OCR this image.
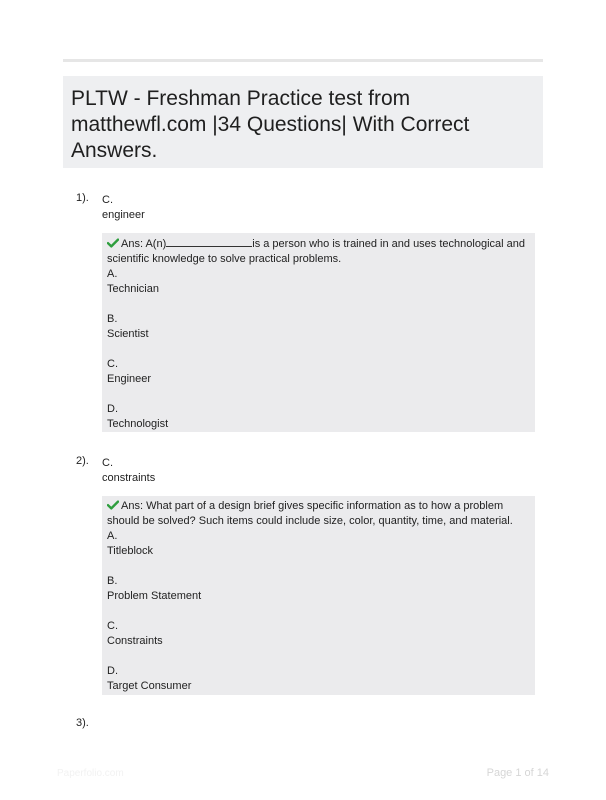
PLTW - Freshman Practice test from matthewfl.com |34 Questions| With Correct Answers.
1). C.
engineer
Ans: A(n)	is a person who is trained in and uses technological and scientific knowledge to solve practical problems.
A.
Technician
B.
Scientist
C.
Engineer
D.
Technologist
2). C.
constraints
Ans: What part of a design brief gives specific information as to how a problem should be solved? Such items could include size, color, quantity, time, and material.
A.
Titleblock
B.
Problem Statement
C.
Constraints
D.
Target Consumer
3).
Paperfolio.com	Page 1 of 14
